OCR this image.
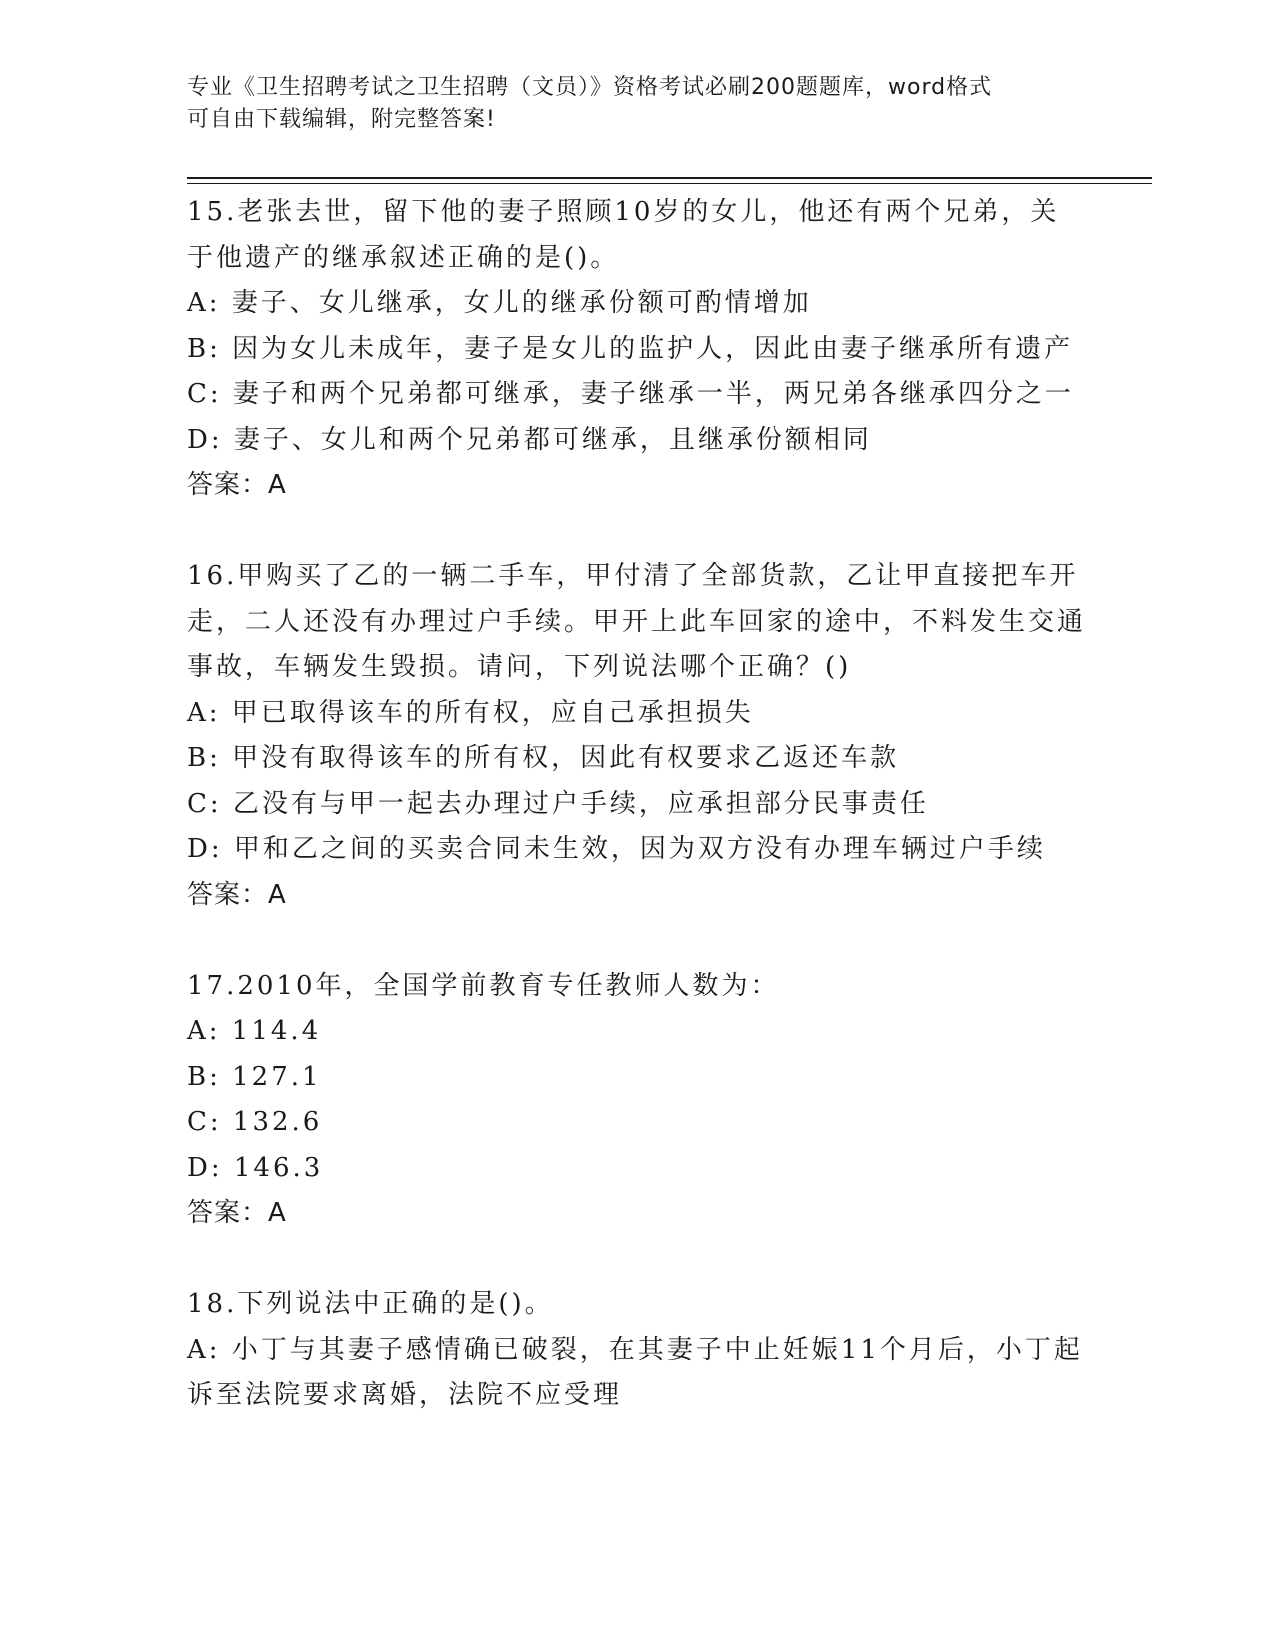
专业《卫生招聘考试之卫生招聘（文员）》资格考试必刷200题题库，word格式
可自由下载编辑，附完整答案!

15.老张去世，留下他的妻子照顾10岁的女儿，他还有两个兄弟，关于他遗产的继承叙述正确的是()。

A: 妻子、女儿继承，女儿的继承份额可酌情增加

B: 因为女儿未成年，妻子是女儿的监护人，因此由妻子继承所有遗产

C: 妻子和两个兄弟都可继承，妻子继承一半，两兄弟各继承四分之一

D: 妻子、女儿和两个兄弟都可继承，且继承份额相同

答案：A

16.甲购买了乙的一辆二手车，甲付清了全部货款，乙让甲直接把车开走，二人还没有办理过户手续。甲开上此车回家的途中，不料发生交通事故，车辆发生毁损。请问，下列说法哪个正确？()

A: 甲已取得该车的所有权，应自己承担损失

B: 甲没有取得该车的所有权，因此有权要求乙返还车款

C: 乙没有与甲一起去办理过户手续，应承担部分民事责任

D: 甲和乙之间的买卖合同未生效，因为双方没有办理车辆过户手续

答案：A

17.2010年，全国学前教育专任教师人数为：

A: 114.4

B: 127.1

C: 132.6

D: 146.3

答案：A

18.下列说法中正确的是()。

A: 小丁与其妻子感情确已破裂，在其妻子中止妊娠11个月后，小丁起诉至法院要求离婚，法院不应受理
